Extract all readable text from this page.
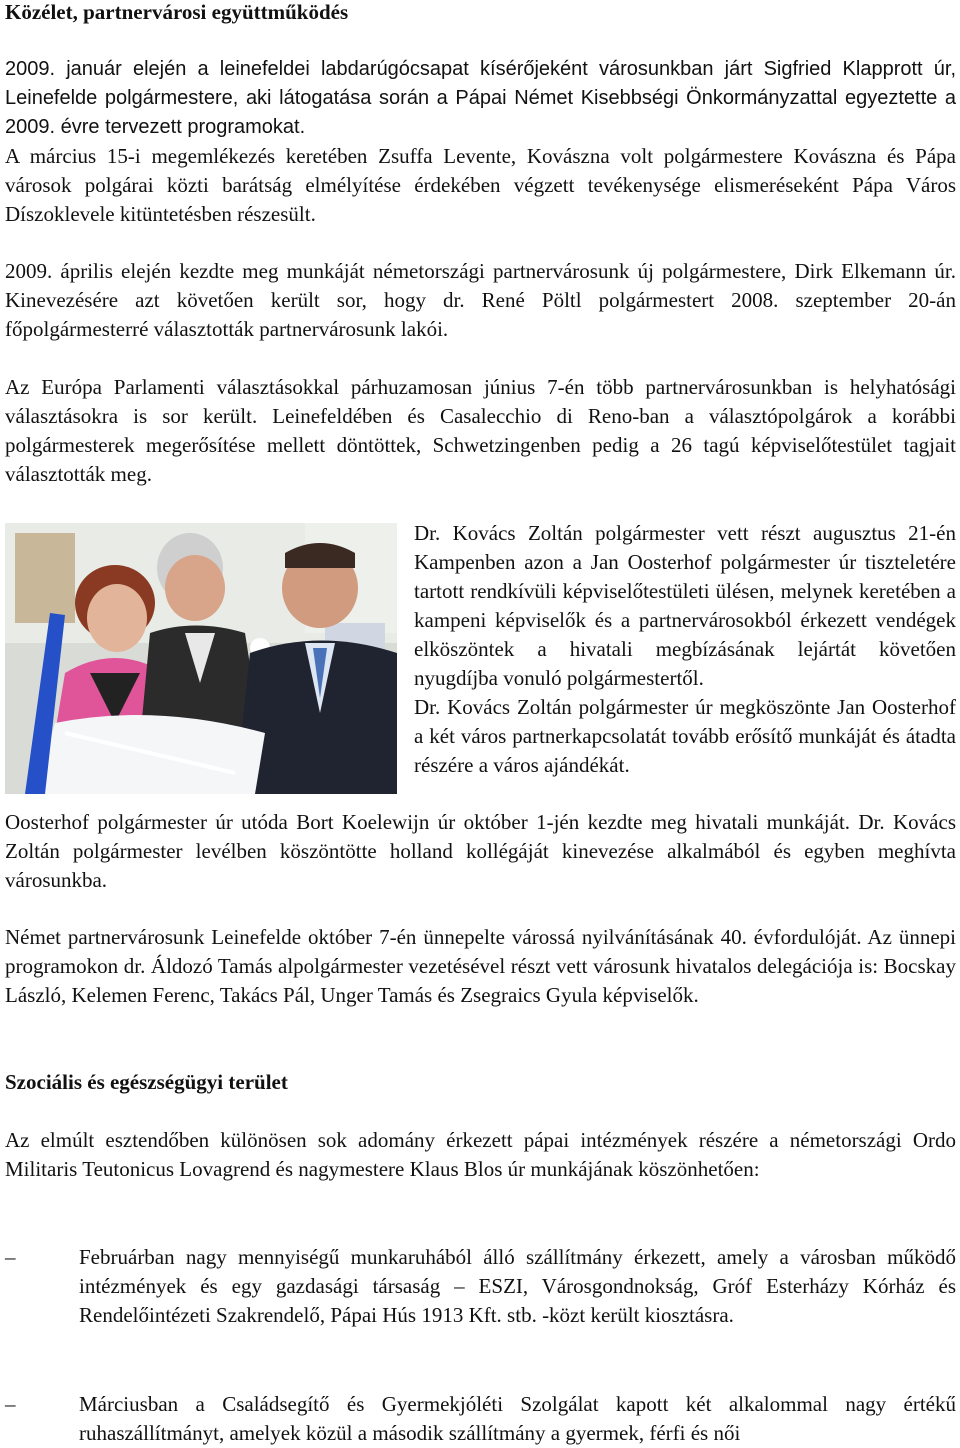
Közélet, partnervárosi együttműködés

2009. január elején a leinefeldei labdarúgócsapat kísérőjeként városunkban járt Sigfried Klapprott úr, Leinefelde polgármestere, aki látogatása során a Pápai Német Kisebbségi Önkormányzattal egyeztette a 2009. évre tervezett programokat.

A március 15-i megemlékezés keretében Zsuffa Levente, Kovászna volt polgármestere Kovászna és Pápa városok polgárai közti barátság elmélyítése érdekében végzett tevékenysége elismeréseként Pápa Város Díszoklevele kitüntetésben részesült.

2009. április elején kezdte meg munkáját németországi partnervárosunk új polgármestere, Dirk Elkemann úr. Kinevezésére azt követően került sor, hogy dr. René Pöltl polgármestert 2008. szeptember 20-án főpolgármesterré választották partnervárosunk lakói.

Az Európa Parlamenti választásokkal párhuzamosan június 7-én több partnervárosunkban is helyhatósági választásokra is sor került. Leinefeldében és Casalecchio di Reno-ban a választópolgárok a korábbi polgármesterek megerősítése mellett döntöttek, Schwetzingenben pedig a 26 tagú képviselőtestület tagjait választották meg.

Dr. Kovács Zoltán polgármester vett részt augusztus 21-én Kampenben azon a Jan Oosterhof polgármester úr tiszteletére tartott rendkívüli képviselőtestületi ülésen, melynek keretében a kampeni képviselők és a partnervárosokból érkezett vendégek elköszöntek a hivatali megbízásának lejártát követően nyugdíjba vonuló polgármestertől.

Dr. Kovács Zoltán polgármester úr megköszönte Jan Oosterhof a két város partnerkapcsolatát tovább erősítő munkáját és átadta részére a város ajándékát.

Oosterhof polgármester úr utóda Bort Koelewijn úr október 1-jén kezdte meg hivatali munkáját. Dr. Kovács Zoltán polgármester levélben köszöntötte holland kollégáját kinevezése alkalmából és egyben meghívta városunkba.

Német partnervárosunk Leinefelde október 7-én ünnepelte várossá nyilvánításának 40. évfordulóját. Az ünnepi programokon dr. Áldozó Tamás alpolgármester vezetésével részt vett városunk hivatalos delegációja is: Bocskay László, Kelemen Ferenc, Takács Pál, Unger Tamás és Zsegraics Gyula képviselők.

Szociális és egészségügyi terület

Az elmúlt esztendőben különösen sok adomány érkezett pápai intézmények részére a németországi Ordo Militaris Teutonicus Lovagrend és nagymestere Klaus Blos úr munkájának köszönhetően:

–	Februárban nagy mennyiségű munkaruhából álló szállítmány érkezett, amely a városban működő intézmények és egy gazdasági társaság – ESZI, Városgondnokság, Gróf Esterházy Kórház és Rendelőintézeti Szakrendelő, Pápai Hús 1913 Kft. stb. -közt került kiosztásra.

–	Márciusban a Családsegítő és Gyermekjóléti Szolgálat kapott két alkalommal nagy értékű ruhaszállítmányt, amelyek közül a második szállítmány a gyermek, férfi és női
